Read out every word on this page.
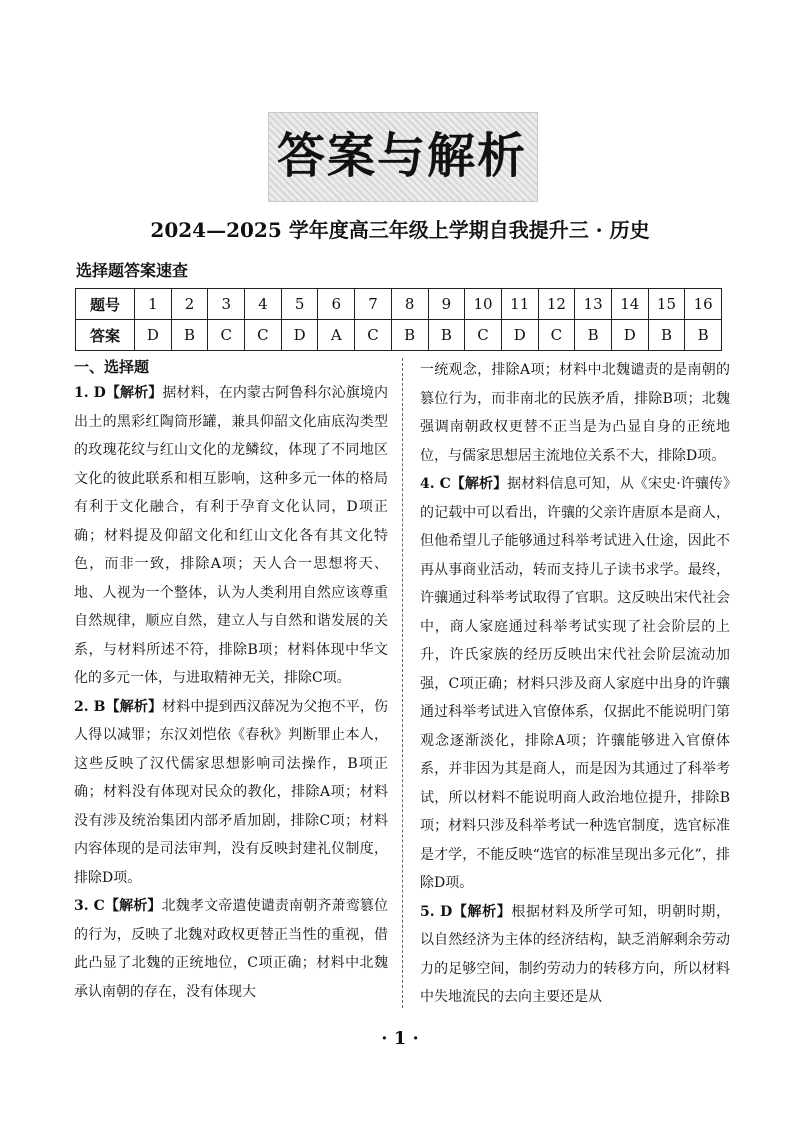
答案与解析
2024—2025 学年度高三年级上学期自我提升三 · 历史
选择题答案速查
题号	1	2	3	4	5	6	7	8	9	10	11	12	13	14	15	16
答案	D	B	C	C	D	A	C	B	B	C	D	C	B	D	B	B
一、选择题

1. D【解析】据材料，在内蒙古阿鲁科尔沁旗境内出土的黑彩红陶筒形罐，兼具仰韶文化庙底沟类型的玫瑰花纹与红山文化的龙鳞纹，体现了不同地区文化的彼此联系和相互影响，这种多元一体的格局有利于文化融合，有利于孕育文化认同，D项正确；材料提及仰韶文化和红山文化各有其文化特色，而非一致，排除A项；天人合一思想将天、地、人视为一个整体，认为人类利用自然应该尊重自然规律，顺应自然，建立人与自然和谐发展的关系，与材料所述不符，排除B项；材料体现中华文化的多元一体，与进取精神无关，排除C项。

2. B【解析】材料中提到西汉薛况为父抱不平，伤人得以减罪；东汉刘恺依《春秋》判断罪止本人，这些反映了汉代儒家思想影响司法操作，B项正确；材料没有体现对民众的教化，排除A项；材料没有涉及统治集团内部矛盾加剧，排除C项；材料内容体现的是司法审判，没有反映封建礼仪制度，排除D项。

3. C【解析】北魏孝文帝遣使谴责南朝齐萧鸾篡位的行为，反映了北魏对政权更替正当性的重视，借此凸显了北魏的正统地位，C项正确；材料中北魏承认南朝的存在，没有体现大

一统观念，排除A项；材料中北魏谴责的是南朝的篡位行为，而非南北的民族矛盾，排除B项；北魏强调南朝政权更替不正当是为凸显自身的正统地位，与儒家思想居主流地位关系不大，排除D项。

4. C【解析】据材料信息可知，从《宋史·许骧传》的记载中可以看出，许骧的父亲许唐原本是商人，但他希望儿子能够通过科举考试进入仕途，因此不再从事商业活动，转而支持儿子读书求学。最终，许骧通过科举考试取得了官职。这反映出宋代社会中，商人家庭通过科举考试实现了社会阶层的上升，许氏家族的经历反映出宋代社会阶层流动加强，C项正确；材料只涉及商人家庭中出身的许骧通过科举考试进入官僚体系，仅据此不能说明门第观念逐渐淡化，排除A项；许骧能够进入官僚体系，并非因为其是商人，而是因为其通过了科举考试，所以材料不能说明商人政治地位提升，排除B项；材料只涉及科举考试一种选官制度，选官标准是才学，不能反映“选官的标准呈现出多元化”，排除D项。

5. D【解析】根据材料及所学可知，明朝时期，以自然经济为主体的经济结构，缺乏消解剩余劳动力的足够空间，制约劳动力的转移方向，所以材料中失地流民的去向主要还是从

· 1 ·
